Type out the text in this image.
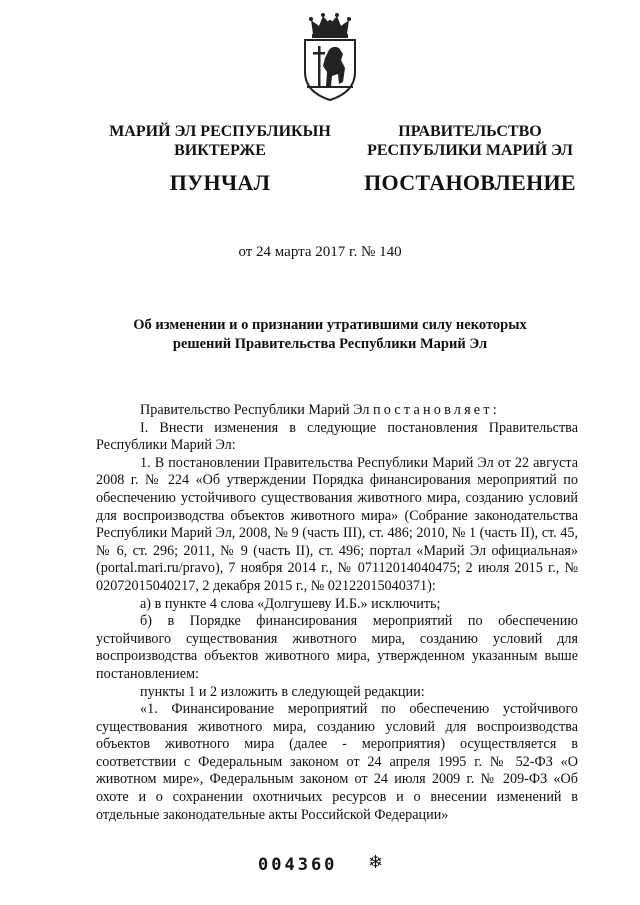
МАРИЙ ЭЛ РЕСПУБЛИКЫН
ВИКТЕРЖЕ
ПУНЧАЛ
ПРАВИТЕЛЬСТВО
РЕСПУБЛИКИ МАРИЙ ЭЛ
ПОСТАНОВЛЕНИЕ
от 24 марта 2017 г. № 140
Об изменении и о признании утратившими силу некоторых
решений Правительства Республики Марий Эл

Правительство Республики Марий Эл постановляет:

I. Внести изменения в следующие постановления Правительства Республики Марий Эл:

1. В постановлении Правительства Республики Марий Эл от 22 августа 2008 г. № 224 «Об утверждении Порядка финансирования мероприятий по обеспечению устойчивого существования животного мира, созданию условий для воспроизводства объектов животного мира» (Собрание законодательства Республики Марий Эл, 2008, № 9 (часть III), ст. 486; 2010, № 1 (часть II), ст. 45, № 6, ст. 296; 2011, № 9 (часть II), ст. 496; портал «Марий Эл официальная» (portal.mari.ru/pravo), 7 ноября 2014 г., № 07112014040475; 2 июля 2015 г., № 02072015040217, 2 декабря 2015 г., № 02122015040371):

а) в пункте 4 слова «Долгушеву И.Б.» исключить;

б) в Порядке финансирования мероприятий по обеспечению устойчивого существования животного мира, созданию условий для воспроизводства объектов животного мира, утвержденном указанным выше постановлением:

пункты 1 и 2 изложить в следующей редакции:

«1. Финансирование мероприятий по обеспечению устойчивого существования животного мира, созданию условий для воспроизводства объектов животного мира (далее - мероприятия) осуществляется в соответствии с Федеральным законом от 24 апреля 1995 г. № 52-ФЗ «О животном мире», Федеральным законом от 24 июля 2009 г. № 209-ФЗ «Об охоте и о сохранении охотничьих ресурсов и о внесении изменений в отдельные законодательные акты Российской Федерации»

004360 ❄
